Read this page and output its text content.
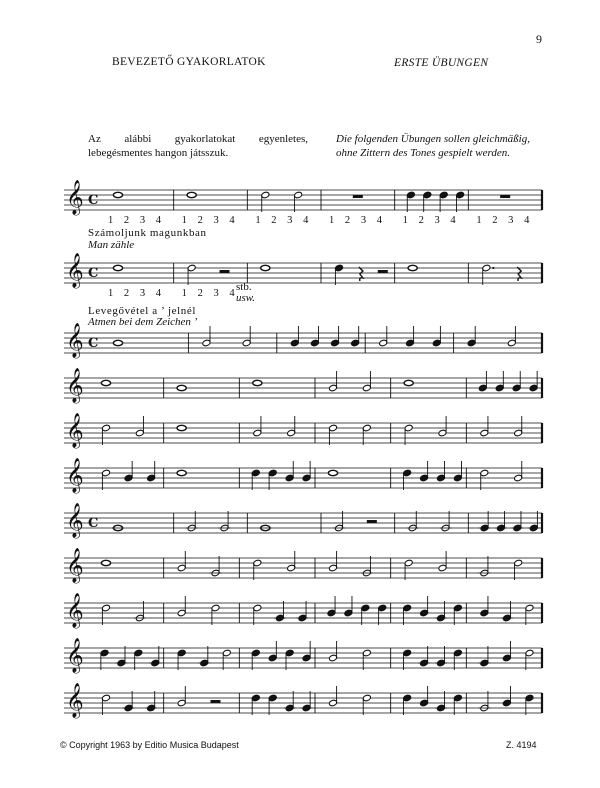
9
BEVEZETŐ GYAKORLATOK	ERSTE ÜBUNGEN
Az alábbi gyakorlatokat egyenletes, lebegésmentes hangon játsszuk.
Die folgenden Übungen sollen gleichmäßig, ohne Zittern des Tones gespielt werden.
Számoljunk magunkban
Man zähle
stb.
usw.
Levegővétel a ’ jelnél
Atmen bei dem Zeichen ’
𝄞 C
1 2 3 4 1 2 3 4 1 2 3 4 1 2 3 4 1 2 3 4 1 2 3 4
𝄞 C
1 2 3 4 1 2 3 4
𝄞 C
𝄞
𝄞
𝄞
𝄞 C
𝄞
𝄞
𝄞
𝄞
© Copyright 1963 by Editio Musica Budapest	Z. 4194
